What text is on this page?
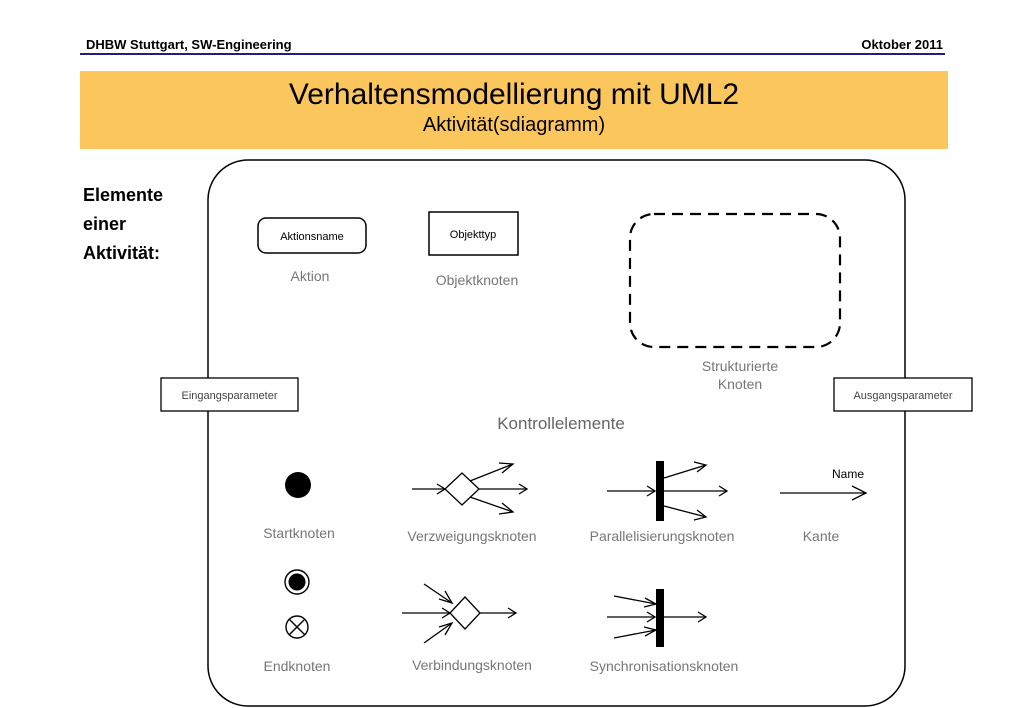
DHBW Stuttgart, SW-Engineering	Oktober 2011
Verhaltensmodellierung mit UML2
Aktivität(sdiagramm)
Elemente
einer
Aktivität:
Aktionsname
Aktion
Objekttyp
Objektknoten
Strukturierte
Knoten
Eingangsparameter	Ausgangsparameter
Kontrollelemente
Startknoten	Verzweigungsknoten	Parallelisierungsknoten
Name
Kante
Endknoten	Verbindungsknoten	Synchronisationsknoten
